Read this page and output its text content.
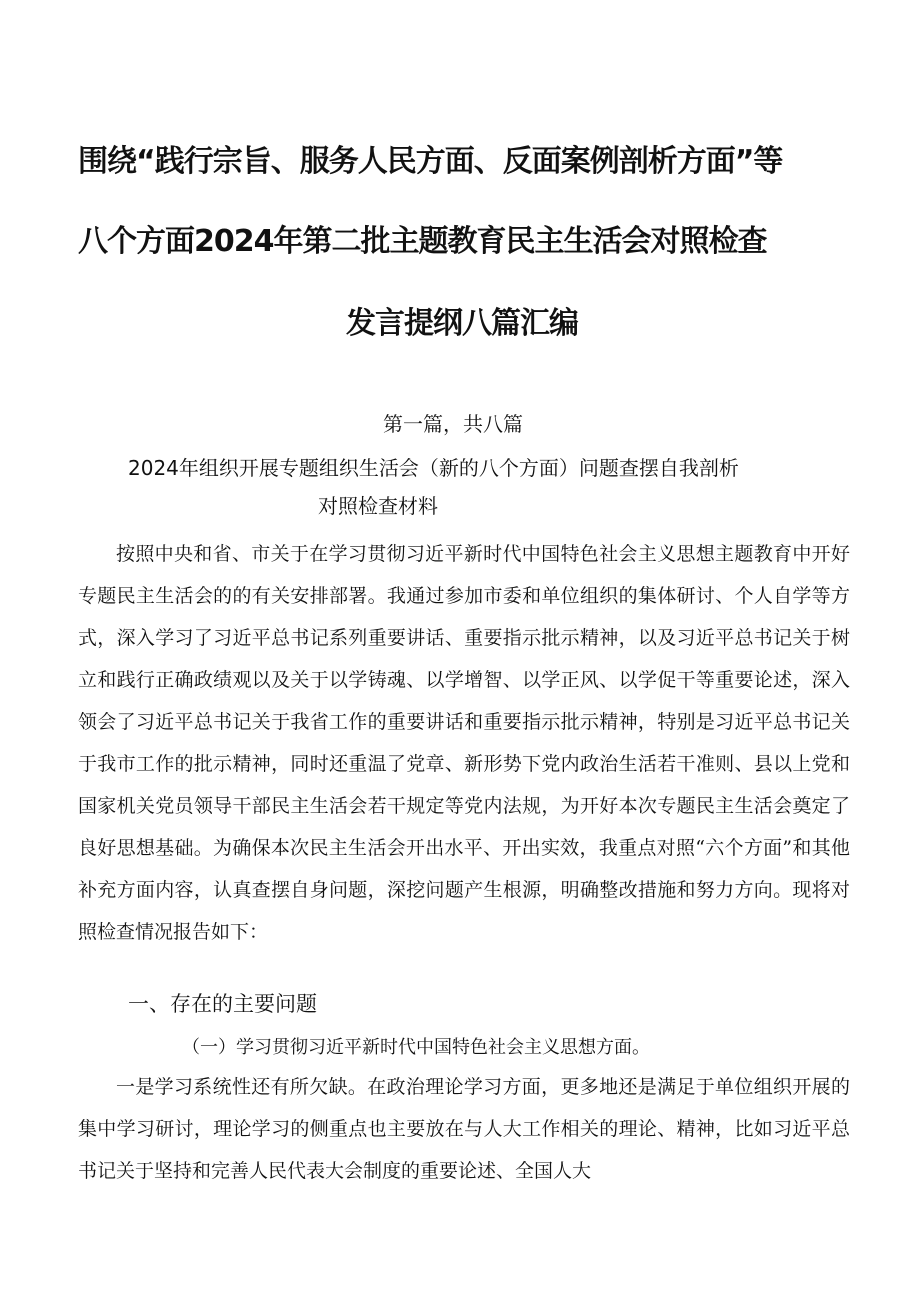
围绕“践行宗旨、服务人民方面、反面案例剖析方面”等
八个方面2024年第二批主题教育民主生活会对照检查
发言提纲八篇汇编
第一篇，共八篇
2024年组织开展专题组织生活会（新的八个方面）问题查摆自我剖析
对照检查材料

按照中央和省、市关于在学习贯彻习近平新时代中国特色社会主义思想主题教育中开好专题民主生活会的的有关安排部署。我通过参加市委和单位组织的集体研讨、个人自学等方式，深入学习了习近平总书记系列重要讲话、重要指示批示精神，以及习近平总书记关于树立和践行正确政绩观以及关于以学铸魂、以学增智、以学正风、以学促干等重要论述，深入领会了习近平总书记关于我省工作的重要讲话和重要指示批示精神，特别是习近平总书记关于我市工作的批示精神，同时还重温了党章、新形势下党内政治生活若干准则、县以上党和国家机关党员领导干部民主生活会若干规定等党内法规，为开好本次专题民主生活会奠定了良好思想基础。为确保本次民主生活会开出水平、开出实效，我重点对照“六个方面”和其他补充方面内容，认真查摆自身问题，深挖问题产生根源，明确整改措施和努力方向。现将对照检查情况报告如下：

一、存在的主要问题
（一）学习贯彻习近平新时代中国特色社会主义思想方面。

一是学习系统性还有所欠缺。在政治理论学习方面，更多地还是满足于单位组织开展的集中学习研讨，理论学习的侧重点也主要放在与人大工作相关的理论、精神，比如习近平总书记关于坚持和完善人民代表大会制度的重要论述、全国人大
